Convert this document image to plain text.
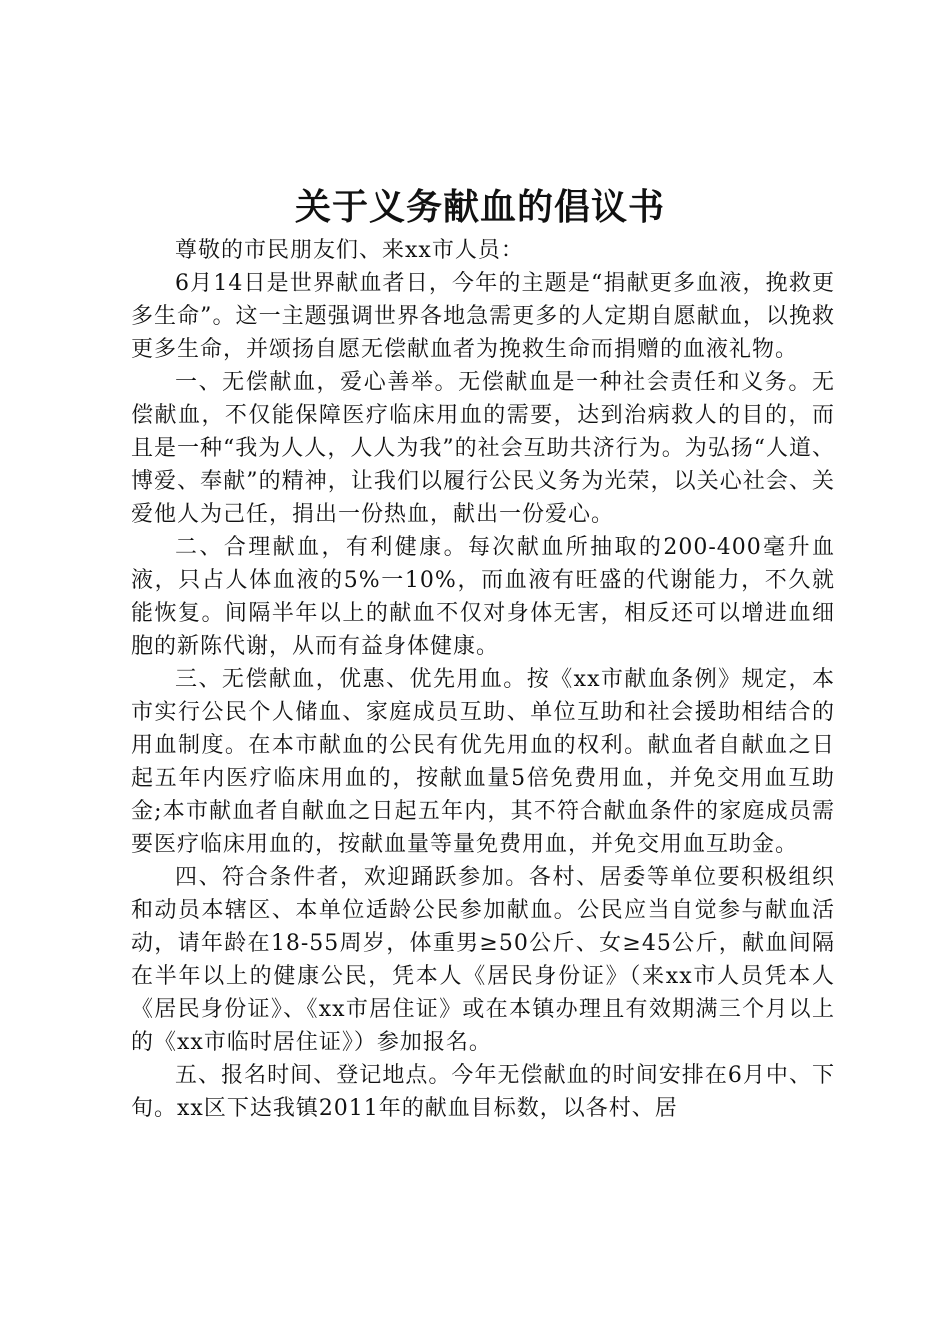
关于义务献血的倡议书

尊敬的市民朋友们、来xx市人员：

6月14日是世界献血者日，今年的主题是“捐献更多血液，挽救更多生命”。这一主题强调世界各地急需更多的人定期自愿献血，以挽救更多生命，并颂扬自愿无偿献血者为挽救生命而捐赠的血液礼物。

一、无偿献血，爱心善举。无偿献血是一种社会责任和义务。无偿献血，不仅能保障医疗临床用血的需要，达到治病救人的目的，而且是一种“我为人人，人人为我”的社会互助共济行为。为弘扬“人道、博爱、奉献”的精神，让我们以履行公民义务为光荣，以关心社会、关爱他人为己任，捐出一份热血，献出一份爱心。

二、合理献血，有利健康。每次献血所抽取的200-400毫升血液，只占人体血液的5%一10%，而血液有旺盛的代谢能力，不久就能恢复。间隔半年以上的献血不仅对身体无害，相反还可以增进血细胞的新陈代谢，从而有益身体健康。

三、无偿献血，优惠、优先用血。按《xx市献血条例》规定，本市实行公民个人储血、家庭成员互助、单位互助和社会援助相结合的用血制度。在本市献血的公民有优先用血的权利。献血者自献血之日起五年内医疗临床用血的，按献血量5倍免费用血，并免交用血互助金;本市献血者自献血之日起五年内，其不符合献血条件的家庭成员需要医疗临床用血的，按献血量等量免费用血，并免交用血互助金。

四、符合条件者，欢迎踊跃参加。各村、居委等单位要积极组织和动员本辖区、本单位适龄公民参加献血。公民应当自觉参与献血活动，请年龄在18-55周岁，体重男≥50公斤、女≥45公斤，献血间隔在半年以上的健康公民，凭本人《居民身份证》（来xx市人员凭本人《居民身份证》、《xx市居住证》或在本镇办理且有效期满三个月以上的《xx市临时居住证》）参加报名。

五、报名时间、登记地点。今年无偿献血的时间安排在6月中、下旬。xx区下达我镇2011年的献血目标数，以各村、居
